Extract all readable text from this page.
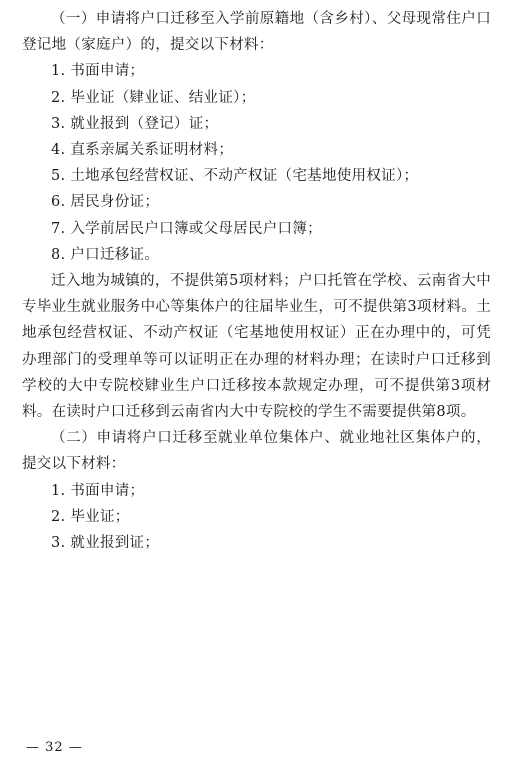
（一）申请将户口迁移至入学前原籍地（含乡村）、父母现常住户口登记地（家庭户）的，提交以下材料：

1. 书面申请；

2. 毕业证（肄业证、结业证）；

3. 就业报到（登记）证；

4. 直系亲属关系证明材料；

5. 土地承包经营权证、不动产权证（宅基地使用权证）；

6. 居民身份证；

7. 入学前居民户口簿或父母居民户口簿；

8. 户口迁移证。

迁入地为城镇的，不提供第5项材料；户口托管在学校、云南省大中专毕业生就业服务中心等集体户的往届毕业生，可不提供第3项材料。土地承包经营权证、不动产权证（宅基地使用权证）正在办理中的，可凭办理部门的受理单等可以证明正在办理的材料办理；在读时户口迁移到学校的大中专院校肄业生户口迁移按本款规定办理，可不提供第3项材料。在读时户口迁移到云南省内大中专院校的学生不需要提供第8项。

（二）申请将户口迁移至就业单位集体户、就业地社区集体户的，提交以下材料：

1. 书面申请；

2. 毕业证；

3. 就业报到证；

— 32 —
